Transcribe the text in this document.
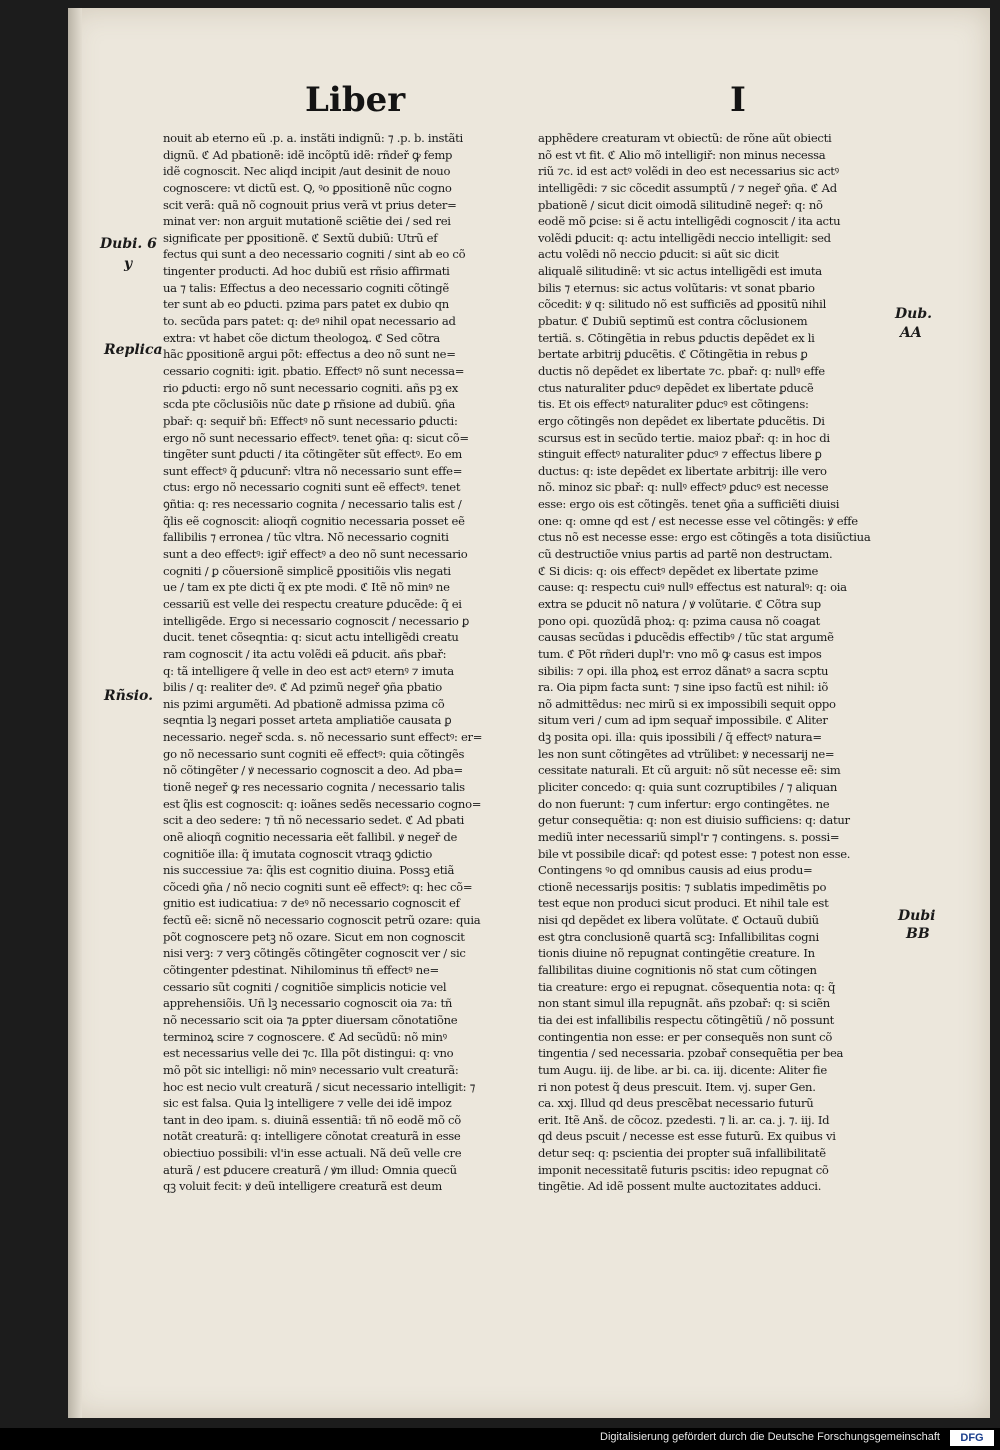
Liber	I
Dubi. 6
y
Replica
Rñsio.
Dub.
AA
Dubi
BB
nouit ab eterno eũ .p. a. instãti indignũ: ⁊ .p. b. instãti
dignũ. ℭ Ad pbationẽ: idẽ incõptũ idẽ: rñdeř ꝙ femp
idẽ cognoscit. Nec aliqd incipit /aut desinit de nouo
cognoscere: vt dictũ est. Q, ꝰo ꝑpositionẽ nũc cogno
scit verã: quã nõ cognouit prius verã vt prius deter=
minat ver: non arguit mutationẽ sciẽtie dei / sed rei
significate per ꝑpositionẽ. ℭ Sextũ dubiũ: Utrũ ef
fectus qui sunt a deo necessario cogniti / sint ab eo cõ
tingenter producti. Ad hoc dubiũ est rñsio affirmati
ua ⁊ talis: Effectus a deo necessario cogniti cõtingẽ
ter sunt ab eo ꝑducti. pzima pars patet ex dubio qn
to. secũda pars patet: q: deꝰ nihil opat necessario ad
extra: vt habet cõe dictum theologoꝝ. ℭ Sed cõtra
hãc ꝑpositionẽ argui põt: effectus a deo nõ sunt ne=
cessario cogniti: igit. pbatio. Effectꝰ nõ sunt necessa=
rio ꝑducti: ergo nõ sunt necessario cogniti. añs pꝫ ex
scda pte cõclusiõis nũc date ꝑ rñsione ad dubiũ. ꝯña
pbař: q: sequiř bñ: Effectꝰ nõ sunt necessario ꝑducti:
ergo nõ sunt necessario effectꝰ. tenet ꝯña: q: sicut cõ=
tingẽter sunt ꝑducti / ita cõtingẽter sũt effectꝰ. Eo em
sunt effectꝰ q̃ ꝑducunř: vltra nõ necessario sunt effe=
ctus: ergo nõ necessario cogniti sunt eẽ effectꝰ. tenet
ꝯñtia: q: res necessario cognita / necessario talis est /
q̃lis eẽ cognoscit: alioqñ cognitio necessaria posset eẽ
fallibilis ⁊ erronea / tũc vltra. Nõ necessario cogniti
sunt a deo effectꝰ: igiř effectꝰ a deo nõ sunt necessario
cogniti / ꝑ cõuersionẽ simplicẽ ꝑpositiõis vlis negati
ue / tam ex pte dicti q̃ ex pte modi. ℭ Itẽ nõ minꝰ ne
cessariũ est velle dei respectu creature ꝑducẽde: q̃ ei
intelligẽde. Ergo si necessario cognoscit / necessario ꝑ
ducit. tenet cõseqntia: q: sicut actu intelligẽdi creatu
ram cognoscit / ita actu volẽdi eã ꝑducit. añs pbař:
q: tã intelligere q̃ velle in deo est actꝰ eternꝰ ⁊ imuta
bilis / q: realiter deꝰ. ℭ Ad pzimũ negeř ꝯña pbatio
nis pzimi argumẽti. Ad pbationẽ admissa pzima cõ
seqntia lꝫ negari posset arteta ampliatiõe causata ꝑ
necessario. negeř scda. s. nõ necessario sunt effectꝰ: er=
go nõ necessario sunt cogniti eẽ effectꝰ: quia cõtingẽs
nõ cõtingẽter / ꝟ necessario cognoscit a deo. Ad pba=
tionẽ negeř ꝙ res necessario cognita / necessario talis
est q̃lis est cognoscit: q: ioãnes sedẽs necessario cogno=
scit a deo sedere: ⁊ tñ nõ necessario sedet. ℭ Ad pbati
onẽ alioqñ cognitio necessaria eẽt fallibil. ꝟ negeř de
cognitiõe illa: q̃ imutata cognoscit vtraqꝫ ꝯdictio
nis successiue ⁊a: q̃lis est cognitio diuina. Possꝫ etiã
cõcedi ꝯña / nõ necio cogniti sunt eẽ effectꝰ: q: hec cõ=
gnitio est iudicatiua: ⁊ deꝰ nõ necessario cognoscit ef
fectũ eẽ: sicnẽ nõ necessario cognoscit petrũ ozare: quia
põt cognoscere petꝫ nõ ozare. Sicut em non cognoscit
nisi verꝫ: ⁊ verꝫ cõtingẽs cõtingẽter cognoscit ver / sic
cõtingenter pdestinat. Nihilominus tñ effectꝰ ne=
cessario sũt cogniti / cognitiõe simplicis noticie vel
apprehensiõis. Uñ lꝫ necessario cognoscit oia ⁊a: tñ
nõ necessario scit oia ⁊a ꝑpter diuersam cõnotatiõne
terminoꝝ scire ⁊ cognoscere. ℭ Ad secũdũ: nõ minꝰ
est necessarius velle dei ⁊c. Illa põt distingui: q: vno
mõ põt sic intelligi: nõ minꝰ necessario vult creaturã:
hoc est necio vult creaturã / sicut necessario intelligit: ⁊
sic est falsa. Quia lꝫ intelligere ⁊ velle dei idẽ impoz
tant in deo ipam. s. diuinã essentiã: tñ nõ eodẽ mõ cõ
notãt creaturã: q: intelligere cõnotat creaturã in esse
obiectiuo possibili: vl'in esse actuali. Nã deũ velle cre
aturã / est ꝑducere creaturã / ꝟm illud: Omnia quecũ
qꝫ voluit fecit: ꝟ deũ intelligere creaturã est deum
apphẽdere creaturam vt obiectũ: de rõne aũt obiecti
nõ est vt fit. ℭ Alio mõ intelligiř: non minus necessa
riũ ⁊c. id est actꝰ volẽdi in deo est necessarius sic actꝰ
intelligẽdi: ⁊ sic cõcedit assumptũ / ⁊ negeř ꝯña. ℭ Ad
pbationẽ / sicut dicit oimodã silitudinẽ negeř: q: nõ
eodẽ mõ ꝑcise: si ẽ actu intelligẽdi cognoscit / ita actu
volẽdi ꝑducit: q: actu intelligẽdi neccio intelligit: sed
actu volẽdi nõ neccio ꝑducit: si aũt sic dicit
aliqualẽ silitudinẽ: vt sic actus intelligẽdi est imuta
bilis ⁊ eternus: sic actus volũtaris: vt sonat pbario
cõcedit: ꝟ q: silitudo nõ est sufficiẽs ad ꝑpositũ nihil
pbatur. ℭ Dubiũ septimũ est contra cõclusionem
tertiã. s. Cõtingẽtia in rebus ꝑductis depẽdet ex li
bertate arbitrij ꝑducẽtis. ℭ Cõtingẽtia in rebus ꝑ
ductis nõ depẽdet ex libertate ⁊c. pbař: q: nullꝰ effe
ctus naturaliter ꝑducꝰ depẽdet ex libertate ꝑducẽ
tis. Et ois effectꝰ naturaliter ꝑducꝰ est cõtingens:
ergo cõtingẽs non depẽdet ex libertate ꝑducẽtis. Di
scursus est in secũdo tertie. maioz pbař: q: in hoc di
stinguit effectꝰ naturaliter ꝑducꝰ ⁊ effectus libere ꝑ
ductus: q: iste depẽdet ex libertate arbitrij: ille vero
nõ. minoz sic pbař: q: nullꝰ effectꝰ ꝑducꝰ est necesse
esse: ergo ois est cõtingẽs. tenet ꝯña a sufficiẽti diuisi
one: q: omne qd est / est necesse esse vel cõtingẽs: ꝟ effe
ctus nõ est necesse esse: ergo est cõtingẽs a tota disiũctiua
cũ destructiõe vnius partis ad partẽ non destructam.
ℭ Si dicis: q: ois effectꝰ depẽdet ex libertate pzime
cause: q: respectu cuiꝰ nullꝰ effectus est naturalꝰ: q: oia
extra se ꝑducit nõ natura / ꝟ volũtarie. ℭ Cõtra sup
pono opi. quozũdã phoꝝ: q: pzima causa nõ coagat
causas secũdas i ꝑducẽdis effectibꝰ / tũc stat argumẽ
tum. ℭ Põt rñderi dupl'r: vno mõ ꝙ casus est impos
sibilis: ⁊ opi. illa phoꝝ est erroz dãnatꝰ a sacra scptu
ra. Oia pipm facta sunt: ⁊ sine ipso factũ est nihil: iõ
nõ admittẽdus: nec mirũ si ex impossibili sequit oppo
situm veri / cum ad ipm sequař impossibile. ℭ Aliter
dꝫ posita opi. illa: quis ipossibili / q̃ effectꝰ natura=
les non sunt cõtingẽtes ad vtrũlibet: ꝟ necessarij ne=
cessitate naturali. Et cũ arguit: nõ sũt necesse eẽ: sim
pliciter concedo: q: quia sunt cozruptibiles / ⁊ aliquan
do non fuerunt: ⁊ cum infertur: ergo contingẽtes. ne
getur consequẽtia: q: non est diuisio sufficiens: q: datur
mediũ inter necessariũ simpl'r ⁊ contingens. s. possi=
bile vt possibile dicař: qd potest esse: ⁊ potest non esse.
Contingens ꝰo qd omnibus causis ad eius produ=
ctionẽ necessarijs positis: ⁊ sublatis impedimẽtis po
test eque non produci sicut produci. Et nihil tale est
nisi qd depẽdet ex libera volũtate. ℭ Octauũ dubiũ
est ꝯtra conclusionẽ quartã scꝫ: Infallibilitas cogni
tionis diuine nõ repugnat contingẽtie creature. In
fallibilitas diuine cognitionis nõ stat cum cõtingen
tia creature: ergo ei repugnat. cõsequentia nota: q: q̃
non stant simul illa repugnãt. añs pzobař: q: si sciẽn
tia dei est infallibilis respectu cõtingẽtiũ / nõ possunt
contingentia non esse: er per consequẽs non sunt cõ
tingentia / sed necessaria. pzobař consequẽtia per bea
tum Augu. iij. de libe. ar bi. ca. iij. dicente: Aliter fie
ri non potest q̃ deus prescuit. Item. vj. super Gen.
ca. xxj. Illud qd deus prescẽbat necessario futurũ
erit. Itẽ Anš. de cõcoz. pzedesti. ⁊ li. ar. ca. j. ⁊. iij. Id
qd deus pscuit / necesse est esse futurũ. Ex quibus vi
detur seq: q: pscientia dei propter suã infallibilitatẽ
imponit necessitatẽ futuris pscitis: ideo repugnat cõ
tingẽtie. Ad idẽ possent multe auctozitates adduci.
Digitalisierung gefördert durch die Deutsche Forschungsgemeinschaft	DFG
